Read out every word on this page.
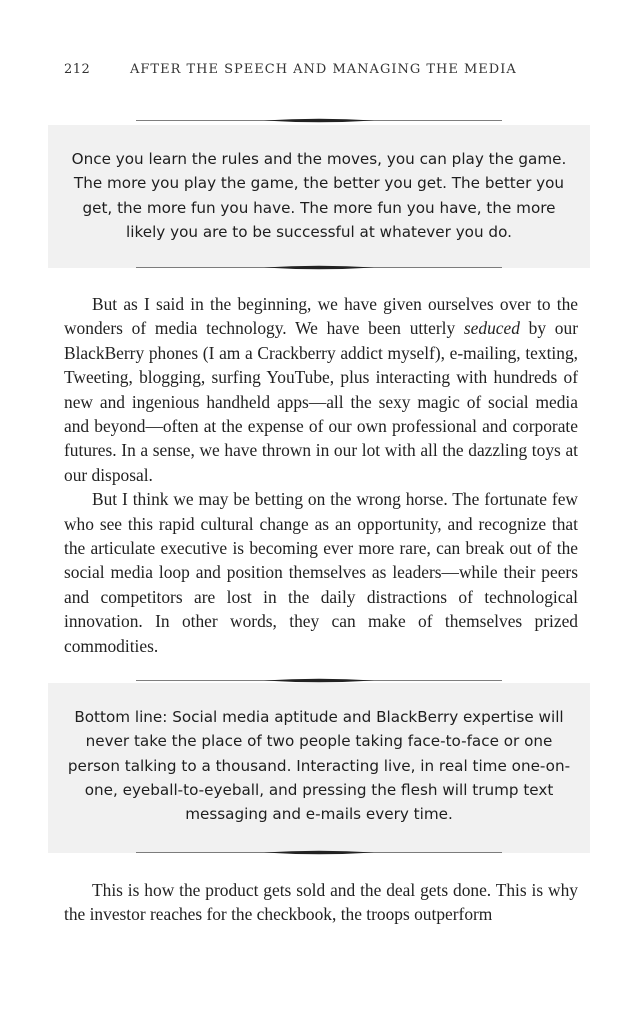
212	AFTER THE SPEECH AND MANAGING THE MEDIA
Once you learn the rules and the moves, you can play the game. The more you play the game, the better you get. The better you get, the more fun you have. The more fun you have, the more likely you are to be successful at whatever you do.

But as I said in the beginning, we have given ourselves over to the wonders of media technology. We have been utterly seduced by our BlackBerry phones (I am a Crackberry addict myself), e-mailing, texting, Tweeting, blogging, surfing YouTube, plus interacting with hundreds of new and ingenious handheld apps—all the sexy magic of social media and beyond—often at the expense of our own professional and corporate futures. In a sense, we have thrown in our lot with all the dazzling toys at our disposal.

But I think we may be betting on the wrong horse. The fortunate few who see this rapid cultural change as an opportunity, and recognize that the articulate executive is becoming ever more rare, can break out of the social media loop and position themselves as leaders—while their peers and competitors are lost in the daily distractions of technological innovation. In other words, they can make of themselves prized commodities.

Bottom line: Social media aptitude and BlackBerry expertise will never take the place of two people taking face-to-face or one person talking to a thousand. Interacting live, in real time one-on-one, eyeball-to-eyeball, and pressing the flesh will trump text messaging and e-mails every time.

This is how the product gets sold and the deal gets done. This is why the investor reaches for the checkbook, the troops outperform
